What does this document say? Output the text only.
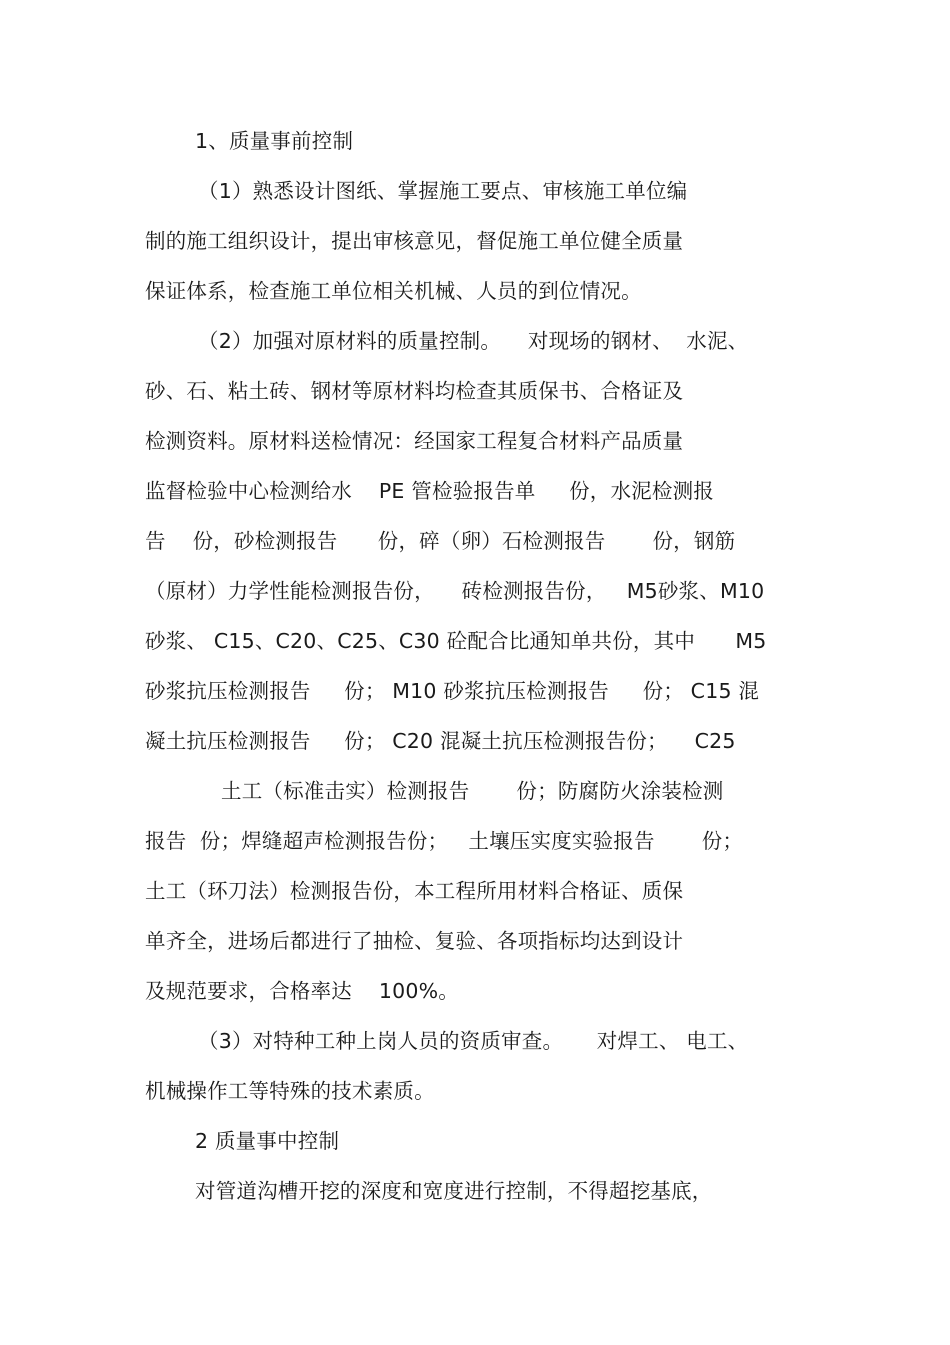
1、质量事前控制

（1）熟悉设计图纸、掌握施工要点、审核施工单位编

制的施工组织设计，提出审核意见，督促施工单位健全质量

保证体系，检查施工单位相关机械、人员的到位情况。

（2）加强对原材料的质量控制。    对现场的钢材、  水泥、

砂、石、粘土砖、钢材等原材料均检查其质保书、合格证及

检测资料。原材料送检情况：经国家工程复合材料产品质量

监督检验中心检测给水    PE 管检验报告单     份，水泥检测报

告    份，砂检测报告      份，碎（卵）石检测报告       份，钢筋

（原材）力学性能检测报告份，    砖检测报告份，   M5砂浆、M10

砂浆、 C15、C20、C25、C30 砼配合比通知单共份，其中      M5

砂浆抗压检测报告     份； M10 砂浆抗压检测报告     份； C15 混

凝土抗压检测报告     份； C20 混凝土抗压检测报告份；    C25

土工（标准击实）检测报告       份；防腐防火涂装检测

报告  份；焊缝超声检测报告份；   土壤压实度实验报告       份；

土工（环刀法）检测报告份，本工程所用材料合格证、质保

单齐全，进场后都进行了抽检、复验、各项指标均达到设计

及规范要求，合格率达    100%。

（3）对特种工种上岗人员的资质审查。     对焊工、 电工、

机械操作工等特殊的技术素质。

2 质量事中控制

对管道沟槽开挖的深度和宽度进行控制，不得超挖基底，
